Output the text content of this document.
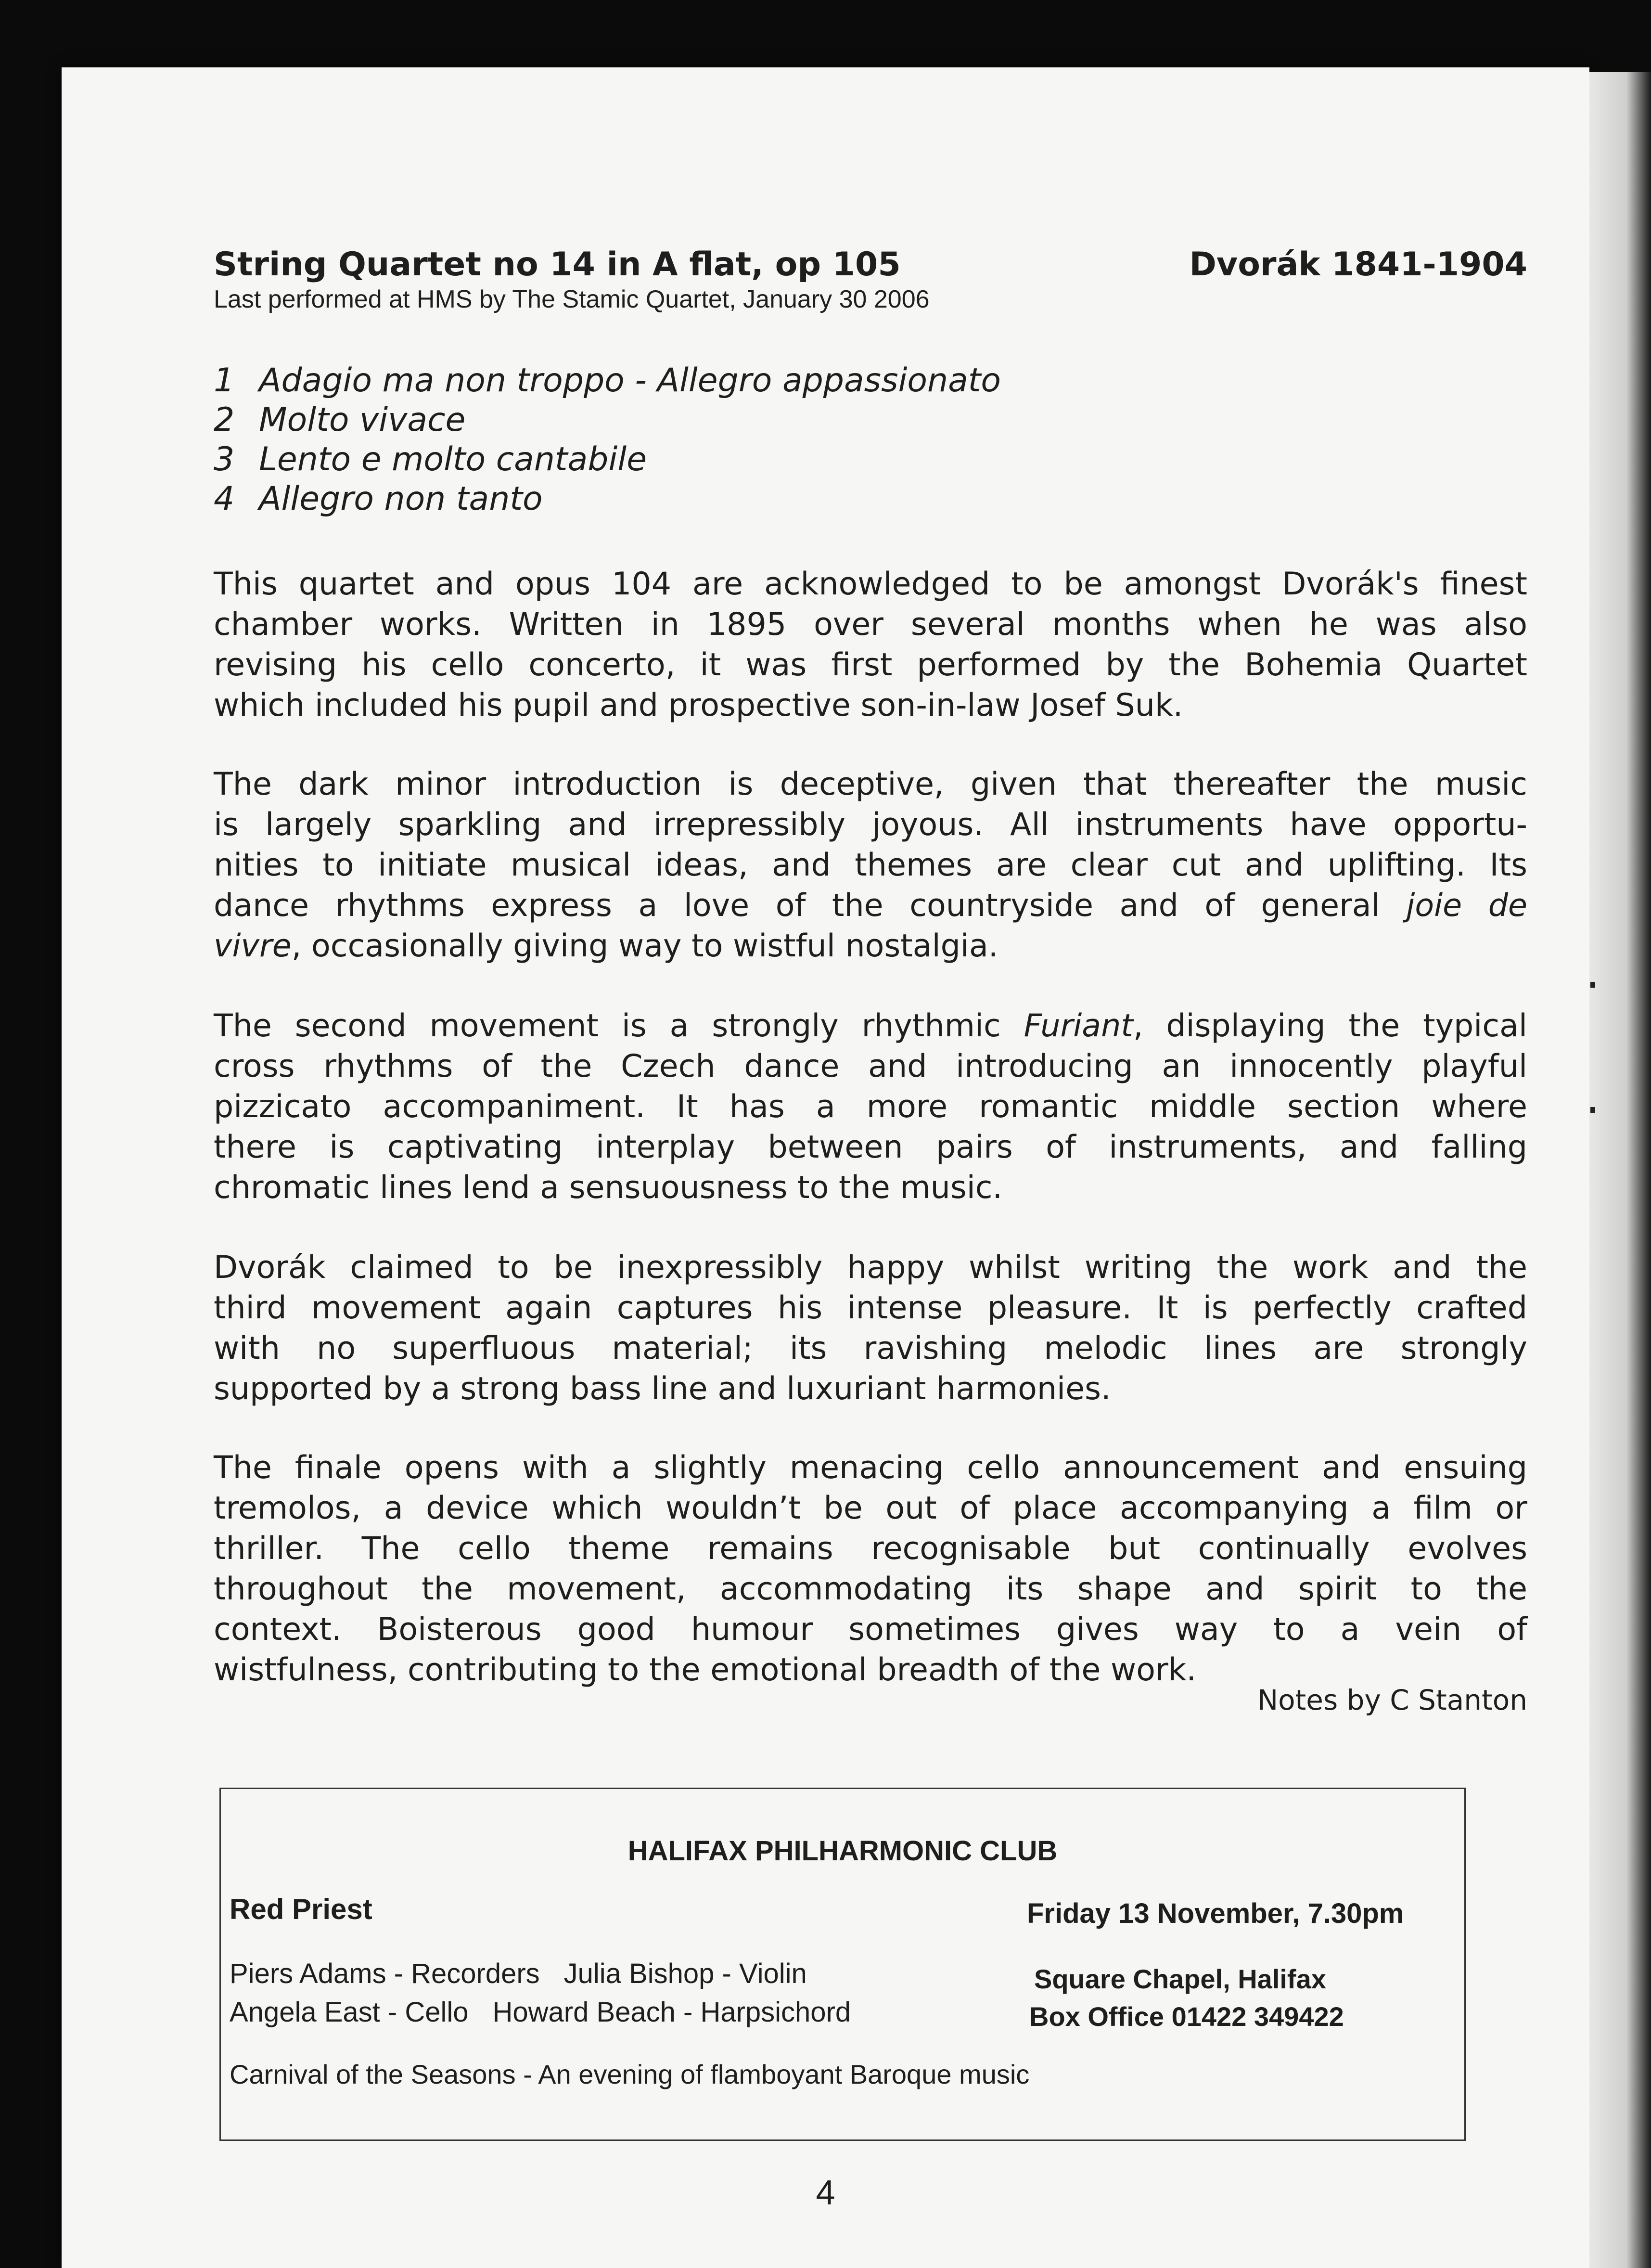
String Quartet no 14 in A flat, op 105	Dvorák 1841-1904
Last performed at HMS by The Stamic Quartet, January 30 2006
1 Adagio ma non troppo - Allegro appassionato
2 Molto vivace
3 Lento e molto cantabile
4 Allegro non tanto

This quartet and opus 104 are acknowledged to be amongst Dvorák's finest
chamber works. Written in 1895 over several months when he was also
revising his cello concerto, it was first performed by the Bohemia Quartet
which included his pupil and prospective son-in-law Josef Suk.

The dark minor introduction is deceptive, given that thereafter the music
is largely sparkling and irrepressibly joyous. All instruments have opportu-
nities to initiate musical ideas, and themes are clear cut and uplifting. Its
dance rhythms express a love of the countryside and of general joie de
vivre, occasionally giving way to wistful nostalgia.

The second movement is a strongly rhythmic Furiant, displaying the typical
cross rhythms of the Czech dance and introducing an innocently playful
pizzicato accompaniment. It has a more romantic middle section where
there is captivating interplay between pairs of instruments, and falling
chromatic lines lend a sensuousness to the music.

Dvorák claimed to be inexpressibly happy whilst writing the work and the
third movement again captures his intense pleasure. It is perfectly crafted
with no superfluous material; its ravishing melodic lines are strongly
supported by a strong bass line and luxuriant harmonies.

The finale opens with a slightly menacing cello announcement and ensuing
tremolos, a device which wouldn’t be out of place accompanying a film or
thriller. The cello theme remains recognisable but continually evolves
throughout the movement, accommodating its shape and spirit to the
context. Boisterous good humour sometimes gives way to a vein of
wistfulness, contributing to the emotional breadth of the work.

Notes by C Stanton
HALIFAX PHILHARMONIC CLUB
Red Priest	Friday 13 November, 7.30pm
Piers Adams - Recorders Julia Bishop - Violin
Angela East - Cello Howard Beach - Harpsichord
Square Chapel, Halifax
Box Office 01422 349422
Carnival of the Seasons - An evening of flamboyant Baroque music
4
